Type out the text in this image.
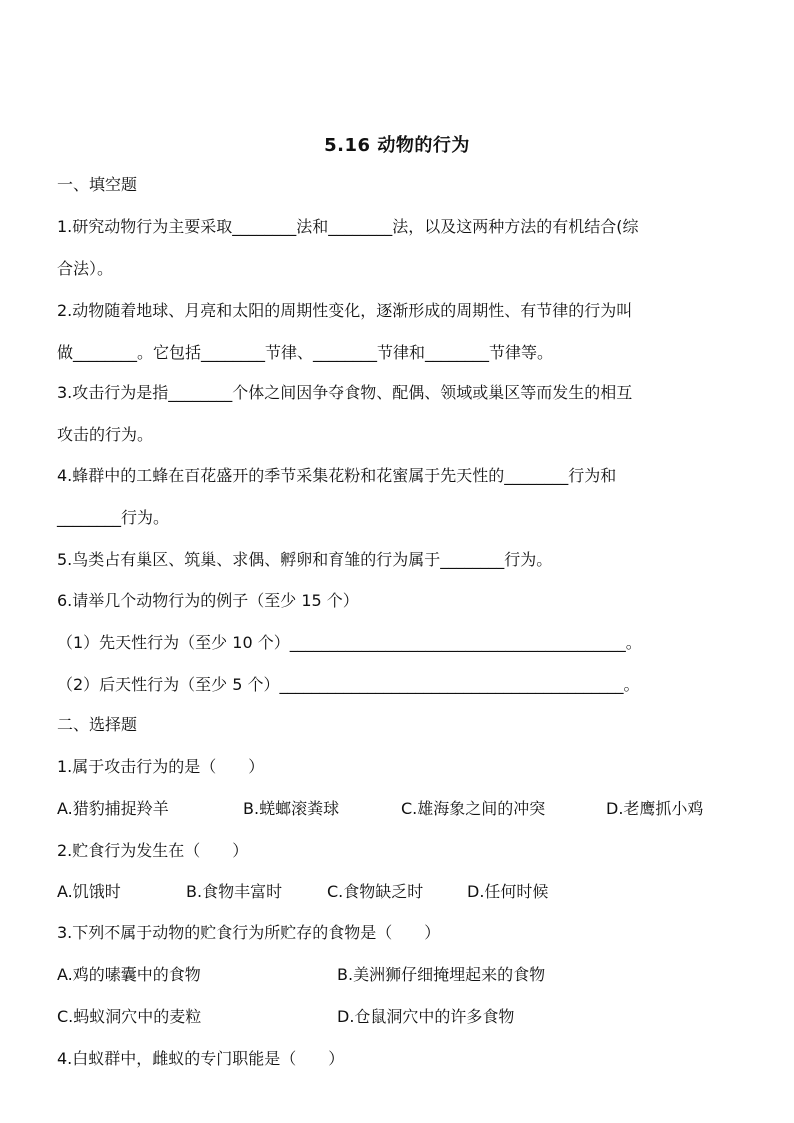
5.16 动物的行为
一、填空题
1.研究动物行为主要采取________法和________法，以及这两种方法的有机结合(综
合法）。
2.动物随着地球、月亮和太阳的周期性变化，逐渐形成的周期性、有节律的行为叫
做________。它包括________节律、________节律和________节律等。
3.攻击行为是指________个体之间因争夺食物、配偶、领域或巢区等而发生的相互
攻击的行为。
4.蜂群中的工蜂在百花盛开的季节采集花粉和花蜜属于先天性的________行为和
________行为。
5.鸟类占有巢区、筑巢、求偶、孵卵和育雏的行为属于________行为。
6.请举几个动物行为的例子（至少 15 个）
（1）先天性行为（至少 10 个）__________________________________________。
（2）后天性行为（至少 5 个）___________________________________________。
二、选择题
1.属于攻击行为的是（　　）
A.猎豹捕捉羚羊	B.蜣螂滚粪球	C.雄海象之间的冲突	D.老鹰抓小鸡
2.贮食行为发生在（　　）
A.饥饿时	B.食物丰富时	C.食物缺乏时	D.任何时候
3.下列不属于动物的贮食行为所贮存的食物是（　　）
A.鸡的嗉囊中的食物	B.美洲狮仔细掩埋起来的食物
C.蚂蚁洞穴中的麦粒	D.仓鼠洞穴中的许多食物
4.白蚁群中，雌蚁的专门职能是（　　）
